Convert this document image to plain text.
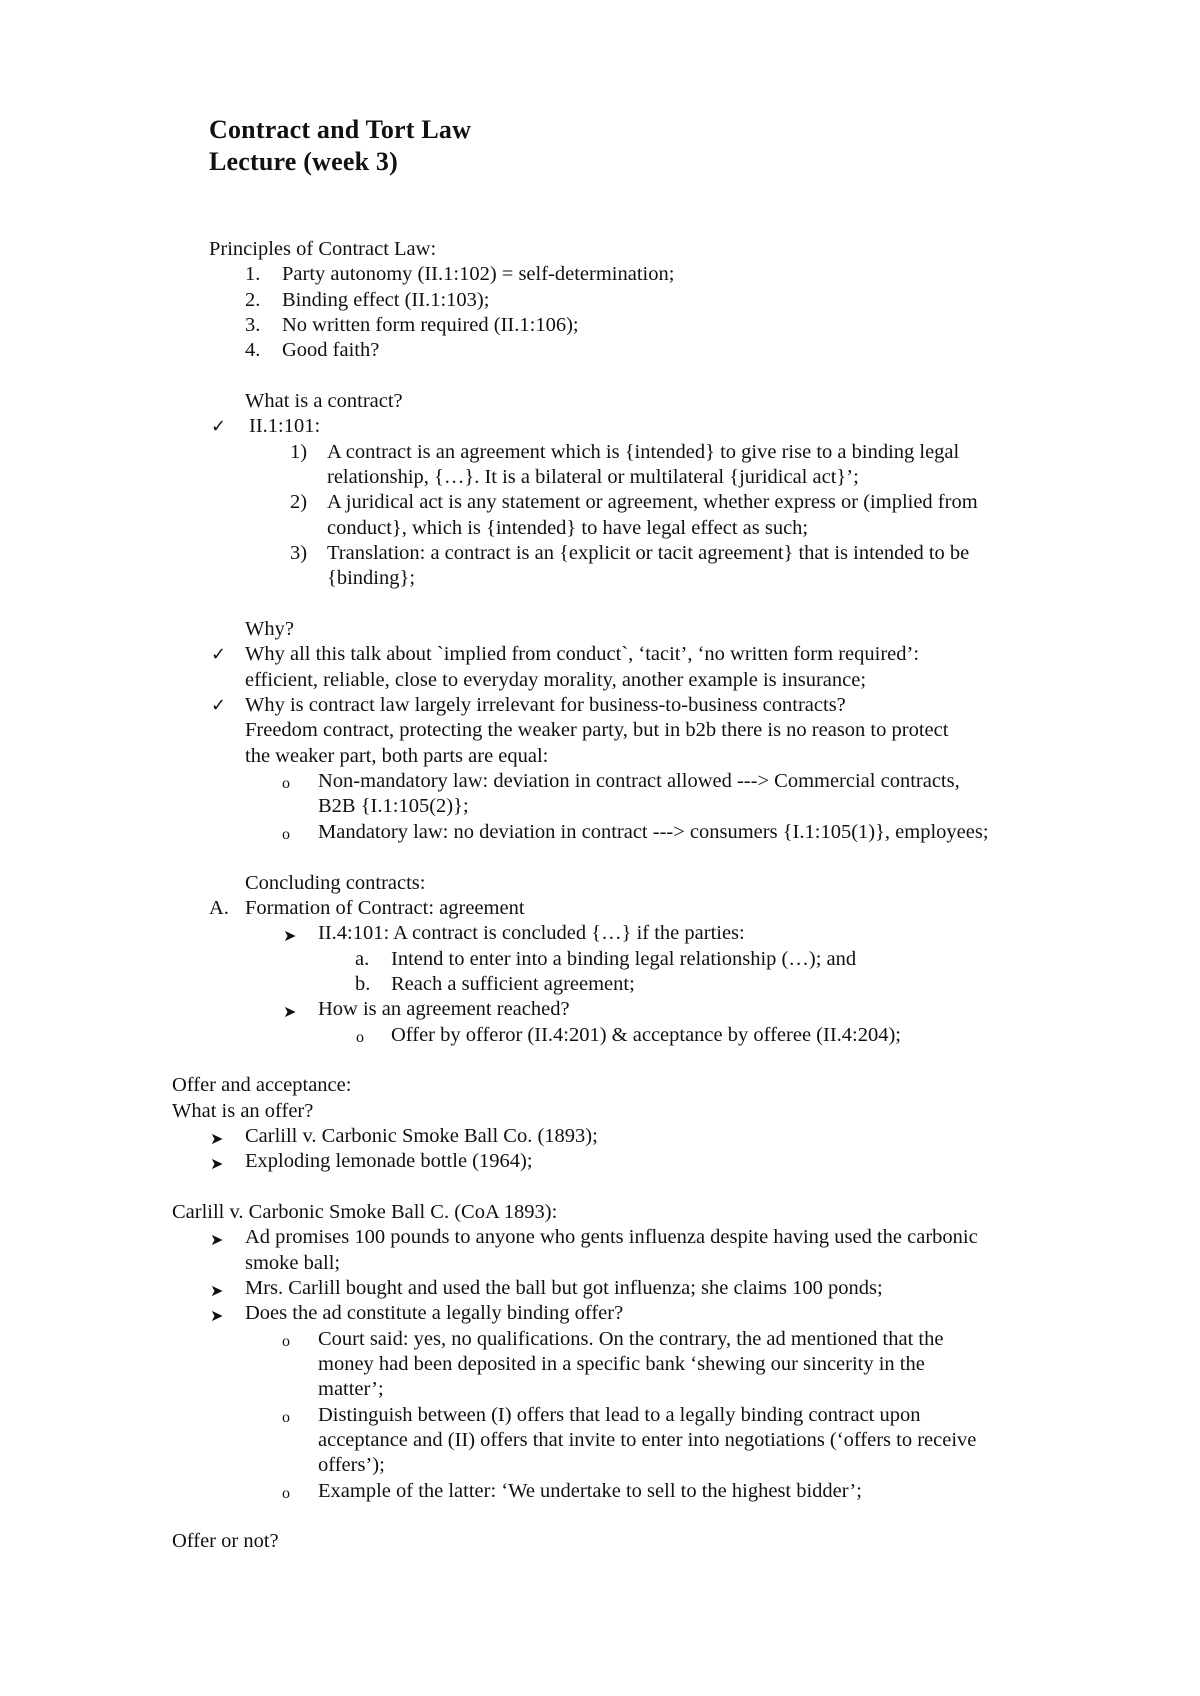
Contract and Tort Law
Lecture (week 3)
Principles of Contract Law:
1. Party autonomy (II.1:102) = self-determination;
2. Binding effect (II.1:103);
3. No written form required (II.1:106);
4. Good faith?
What is a contract?
✓ II.1:101:
1) A contract is an agreement which is {intended} to give rise to a binding legal
relationship, {…}. It is a bilateral or multilateral {juridical act}’;
2) A juridical act is any statement or agreement, whether express or (implied from
conduct}, which is {intended} to have legal effect as such;
3) Translation: a contract is an {explicit or tacit agreement} that is intended to be
{binding};
Why?
✓ Why all this talk about `implied from conduct`, ‘tacit’, ‘no written form required’:
efficient, reliable, close to everyday morality, another example is insurance;
✓ Why is contract law largely irrelevant for business-to-business contracts?
Freedom contract, protecting the weaker party, but in b2b there is no reason to protect
the weaker part, both parts are equal:
o Non-mandatory law: deviation in contract allowed ---> Commercial contracts,
B2B {I.1:105(2)};
o Mandatory law: no deviation in contract ---> consumers {I.1:105(1)}, employees;
Concluding contracts:
A. Formation of Contract: agreement
➤ II.4:101: A contract is concluded {…} if the parties:
a. Intend to enter into a binding legal relationship (…); and
b. Reach a sufficient agreement;
➤ How is an agreement reached?
o Offer by offeror (II.4:201) & acceptance by offeree (II.4:204);
Offer and acceptance:
What is an offer?
➤ Carlill v. Carbonic Smoke Ball Co. (1893);
➤ Exploding lemonade bottle (1964);
Carlill v. Carbonic Smoke Ball C. (CoA 1893):
➤ Ad promises 100 pounds to anyone who gents influenza despite having used the carbonic
smoke ball;
➤ Mrs. Carlill bought and used the ball but got influenza; she claims 100 ponds;
➤ Does the ad constitute a legally binding offer?
o Court said: yes, no qualifications. On the contrary, the ad mentioned that the
money had been deposited in a specific bank ‘shewing our sincerity in the
matter’;
o Distinguish between (I) offers that lead to a legally binding contract upon
acceptance and (II) offers that invite to enter into negotiations (‘offers to receive
offers’);
o Example of the latter: ‘We undertake to sell to the highest bidder’;
Offer or not?
